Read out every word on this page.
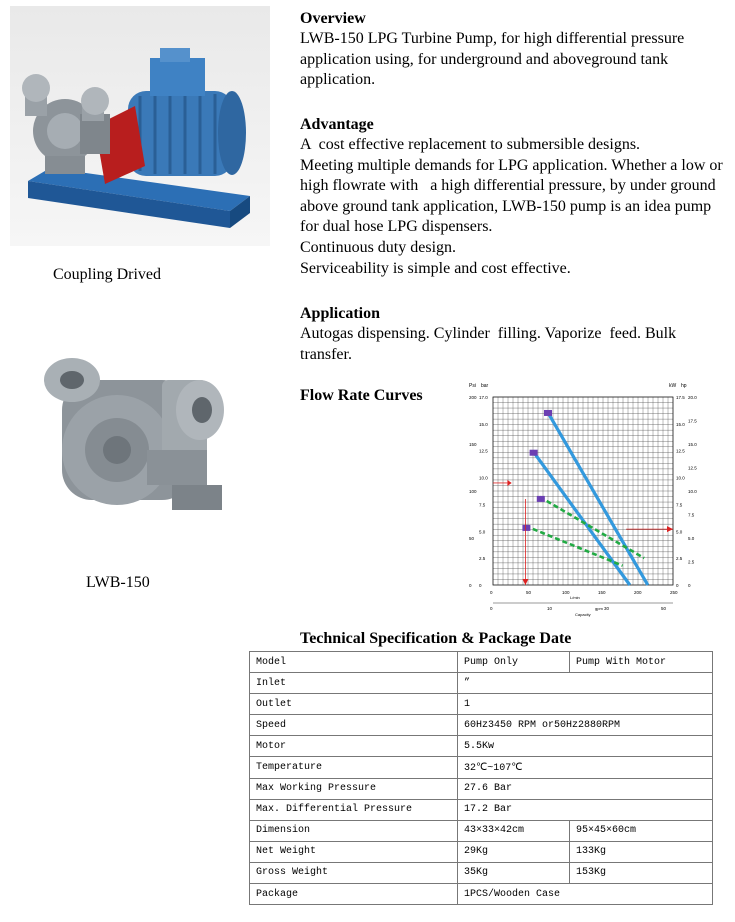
Coupling Drived
LWB-150
Overview

LWB-150 LPG Turbine Pump, for high differential pressure application using, for underground and aboveground tank application.

Advantage

A  cost effective replacement to submersible designs.
Meeting multiple demands for LPG application. Whether a low or high flowrate with   a high differential pressure, by under ground above ground tank application, LWB-150 pump is an idea pump for dual hose LPG dispensers.
Continuous duty design.
Serviceability is simple and cost effective.

Application

Autogas dispensing. Cylinder  filling. Vaporize  feed. Bulk transfer.

Flow Rate Curves
Psi bar	kW hp
200
150
100
50
0
17.0
15.0
12.5
10.0
7.5
5.0
2.5
0
17.5
15.0
12.5
10.0
7.5
5.0
2.5
0
20.0
17.5
15.0
12.5
10.0
7.5
5.0
2.5
0
0	50	100	150	200	250
L/min
0	10	30	50
gpm
Capacity
Technical Specification & Package Date
Model	Pump Only	Pump With Motor
Inlet	”	
Outlet	1	
Speed	60Hz3450 RPM or50Hz2880RPM	
Motor	5.5Kw	
Temperature	32℃~107℃	
Max Working Pressure	27.6 Bar	
Max. Differential Pressure	17.2 Bar	
Dimension	43×33×42cm	95×45×60cm
Net Weight	29Kg	133Kg
Gross Weight	35Kg	153Kg
Package	1PCS/Wooden Case	
